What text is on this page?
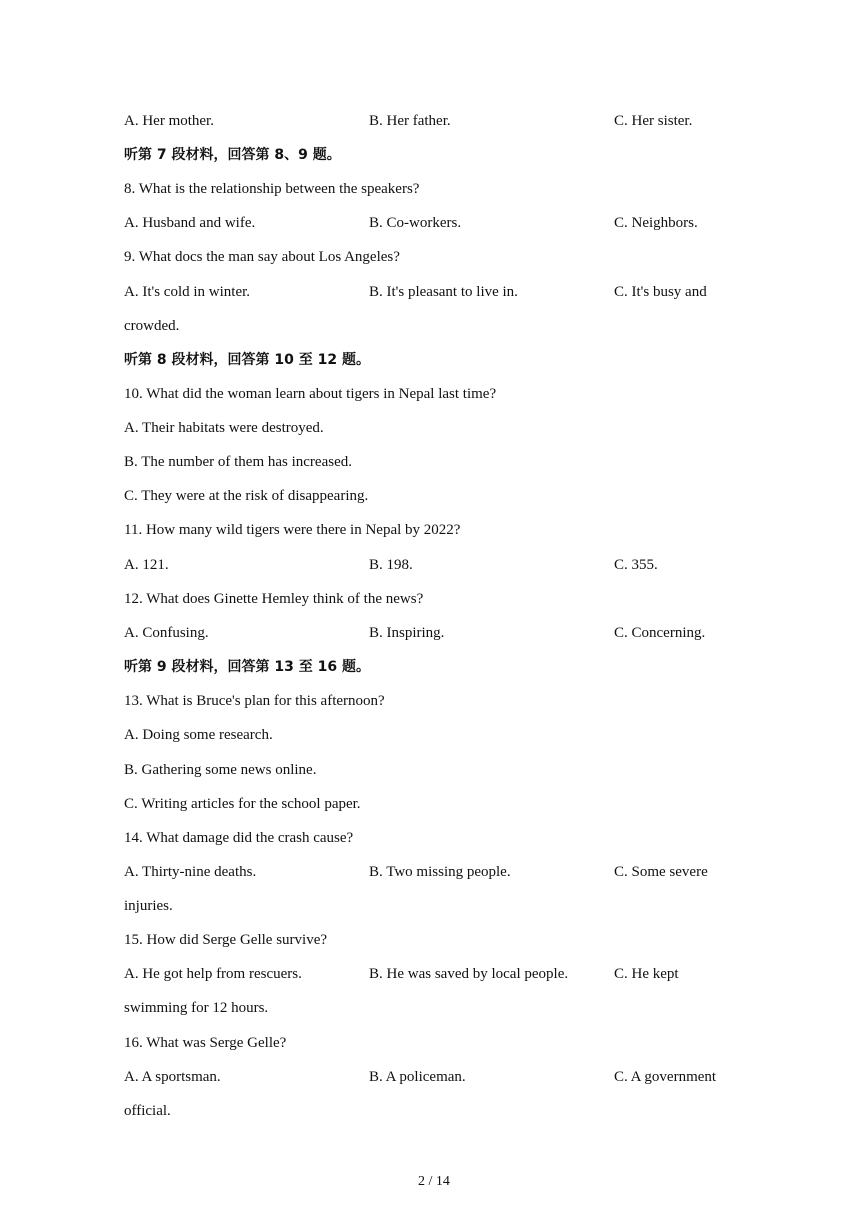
A. Her mother.	B. Her father.	C. Her sister.
听第 7 段材料，回答第 8、9 题。
8. What is the relationship between the speakers?
A. Husband and wife.	B. Co-workers.	C. Neighbors.
9. What docs the man say about Los Angeles?
A. It's cold in winter.	B. It's pleasant to live in.	C. It's busy and
crowded.
听第 8 段材料，回答第 10 至 12 题。
10. What did the woman learn about tigers in Nepal last time?
A. Their habitats were destroyed.
B. The number of them has increased.
C. They were at the risk of disappearing.
11. How many wild tigers were there in Nepal by 2022?
A. 121.	B. 198.	C. 355.
12. What does Ginette Hemley think of the news?
A. Confusing.	B. Inspiring.	C. Concerning.
听第 9 段材料，回答第 13 至 16 题。
13. What is Bruce's plan for this afternoon?
A. Doing some research.
B. Gathering some news online.
C. Writing articles for the school paper.
14. What damage did the crash cause?
A. Thirty-nine deaths.	B. Two missing people.	C. Some severe
injuries.
15. How did Serge Gelle survive?
A. He got help from rescuers.	B. He was saved by local people.	C. He kept
swimming for 12 hours.
16. What was Serge Gelle?
A. A sportsman.	B. A policeman.	C. A government
official.
2 / 14
